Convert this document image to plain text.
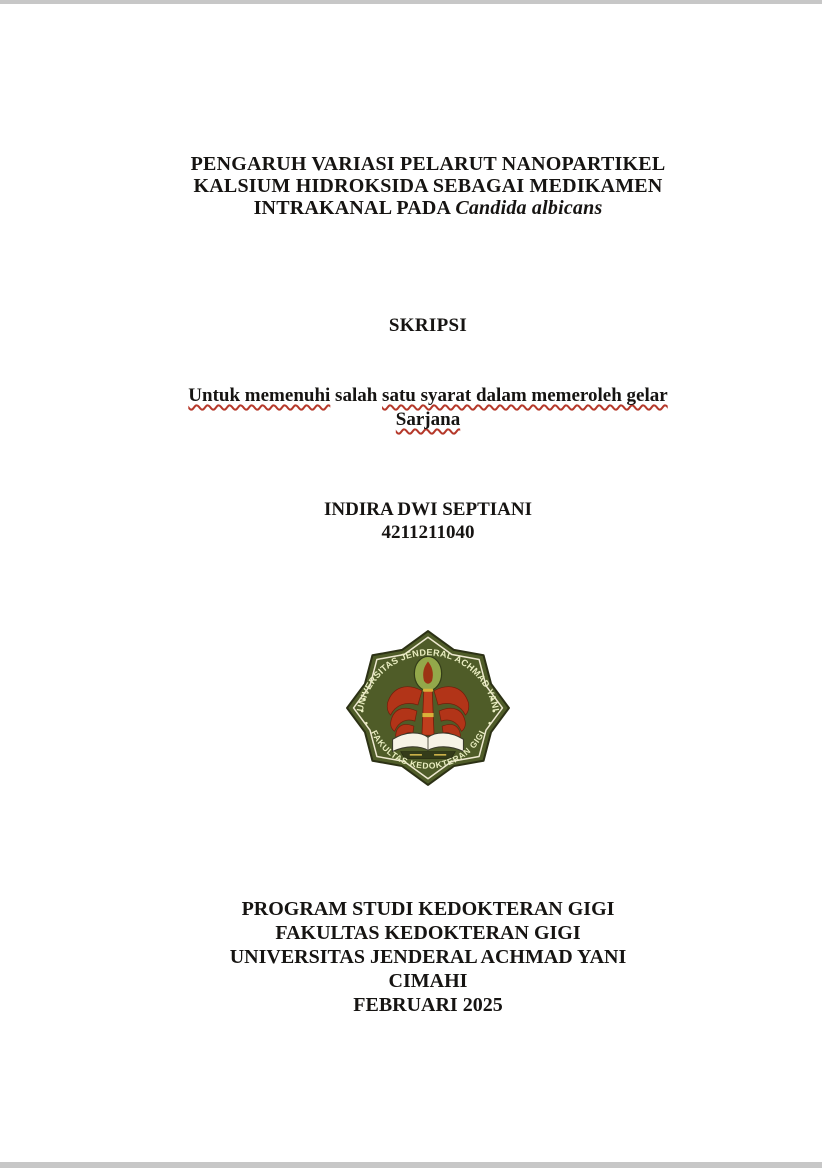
PENGARUH VARIASI PELARUT NANOPARTIKEL
KALSIUM HIDROKSIDA SEBAGAI MEDIKAMEN
INTRAKANAL PADA Candida albicans
SKRIPSI
Untuk memenuhi salah satu syarat dalam memeroleh gelar Sarjana
INDIRA DWI SEPTIANI
4211211040
UNIVERSITAS JENDERAL ACHMAD YANI
FAKULTAS KEDOKTERAN GIGI
PROGRAM STUDI KEDOKTERAN GIGI
FAKULTAS KEDOKTERAN GIGI
UNIVERSITAS JENDERAL ACHMAD YANI
CIMAHI
FEBRUARI 2025
